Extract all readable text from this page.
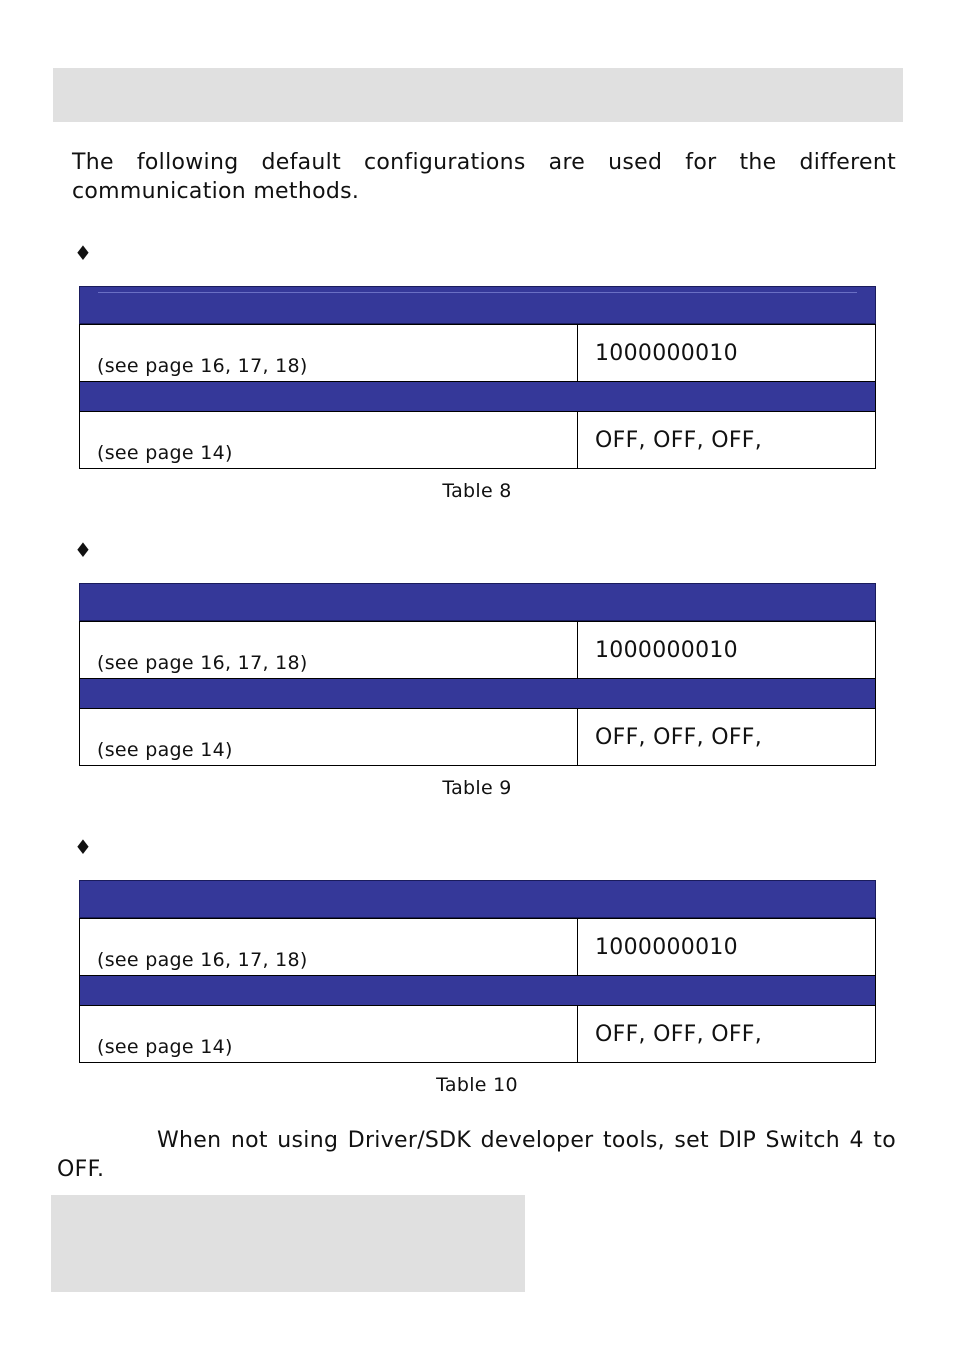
The following default configurations are used for the different communication methods.

♦
(see page 16, 17, 18)	1000000010
(see page 14)	OFF, OFF, OFF,
Table 8
♦
(see page 16, 17, 18)	1000000010
(see page 14)	OFF, OFF, OFF,
Table 9
♦
(see page 16, 17, 18)	1000000010
(see page 14)	OFF, OFF, OFF,
Table 10

When not using Driver/SDK developer tools, set DIP Switch 4 to OFF.
